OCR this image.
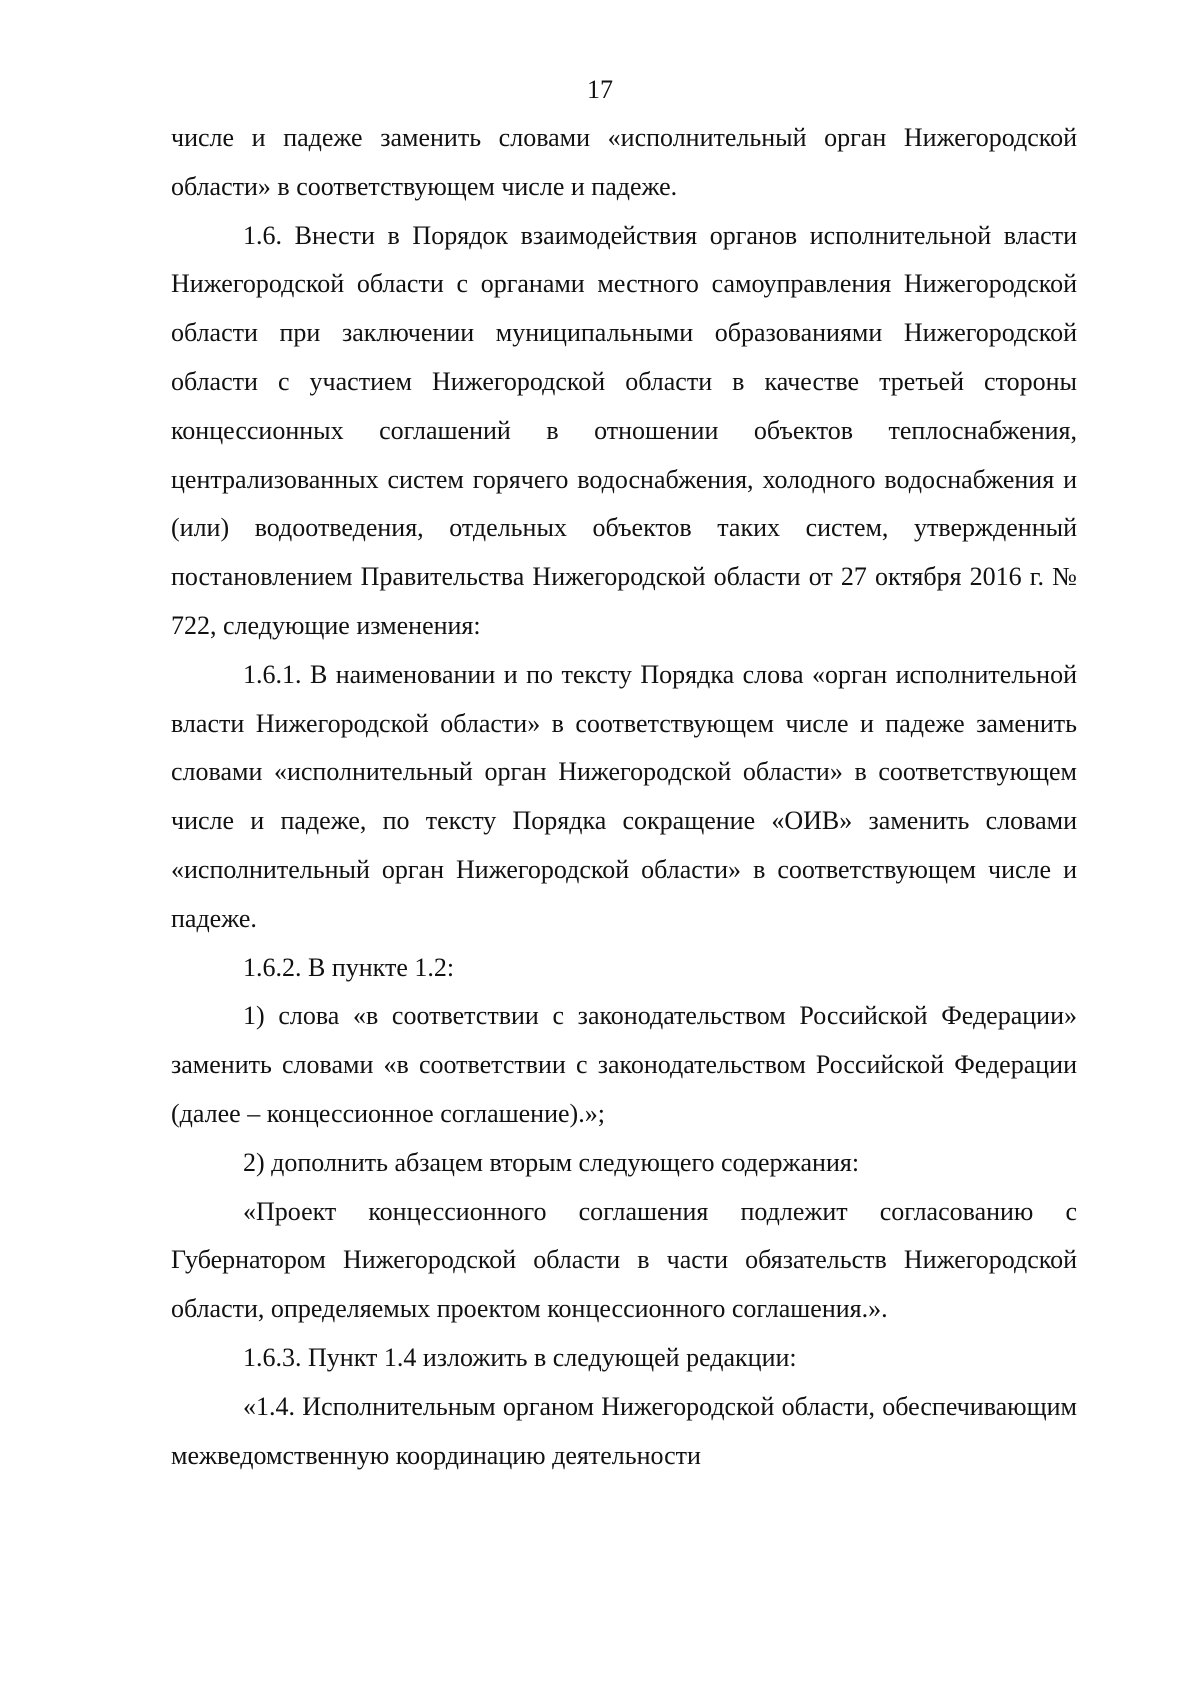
17

числе и падеже заменить словами «исполнительный орган Нижегородской области» в соответствующем числе и падеже.

1.6. Внести в Порядок взаимодействия органов исполнительной власти Нижегородской области с органами местного самоуправления Нижегородской области при заключении муниципальными образованиями Нижегородской области с участием Нижегородской области в качестве третьей стороны концессионных соглашений в отношении объектов теплоснабжения, централизованных систем горячего водоснабжения, холодного водоснабжения и (или) водоотведения, отдельных объектов таких систем, утвержденный постановлением Правительства Нижегородской области от 27 октября 2016 г. № 722, следующие изменения:

1.6.1. В наименовании и по тексту Порядка слова «орган исполнительной власти Нижегородской области» в соответствующем числе и падеже заменить словами «исполнительный орган Нижегородской области» в соответствующем числе и падеже, по тексту Порядка сокращение «ОИВ» заменить словами «исполнительный орган Нижегородской области» в соответствующем числе и падеже.

1.6.2. В пункте 1.2:

1) слова «в соответствии с законодательством Российской Федерации» заменить словами «в соответствии с законодательством Российской Федерации (далее – концессионное соглашение).»;

2) дополнить абзацем вторым следующего содержания:

«Проект концессионного соглашения подлежит согласованию с Губернатором Нижегородской области в части обязательств Нижегородской области, определяемых проектом концессионного соглашения.».

1.6.3. Пункт 1.4 изложить в следующей редакции:

«1.4. Исполнительным органом Нижегородской области, обеспечивающим межведомственную координацию деятельности
